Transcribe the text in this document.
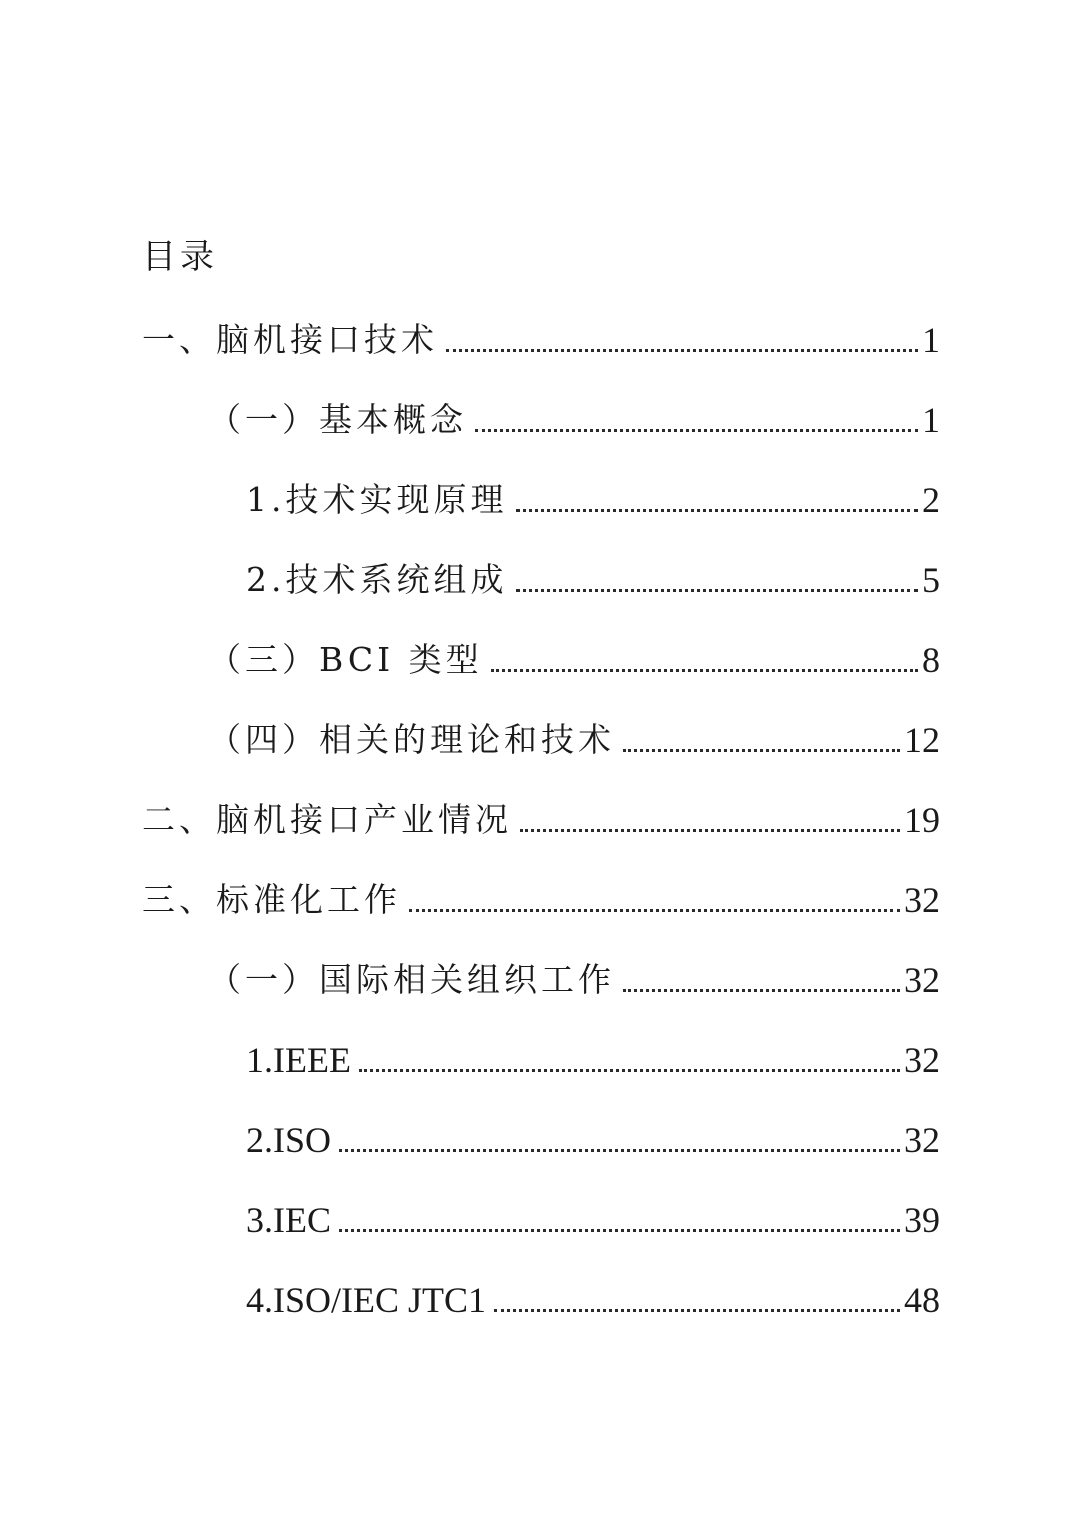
目录
一、脑机接口技术	1
（一）基本概念	1
1.技术实现原理	2
2.技术系统组成	5
（三）BCI 类型	8
（四）相关的理论和技术	12
二、脑机接口产业情况	19
三、标准化工作	32
（一）国际相关组织工作	32
1.IEEE	32
2.ISO	32
3.IEC	39
4.ISO/IEC JTC1	48
